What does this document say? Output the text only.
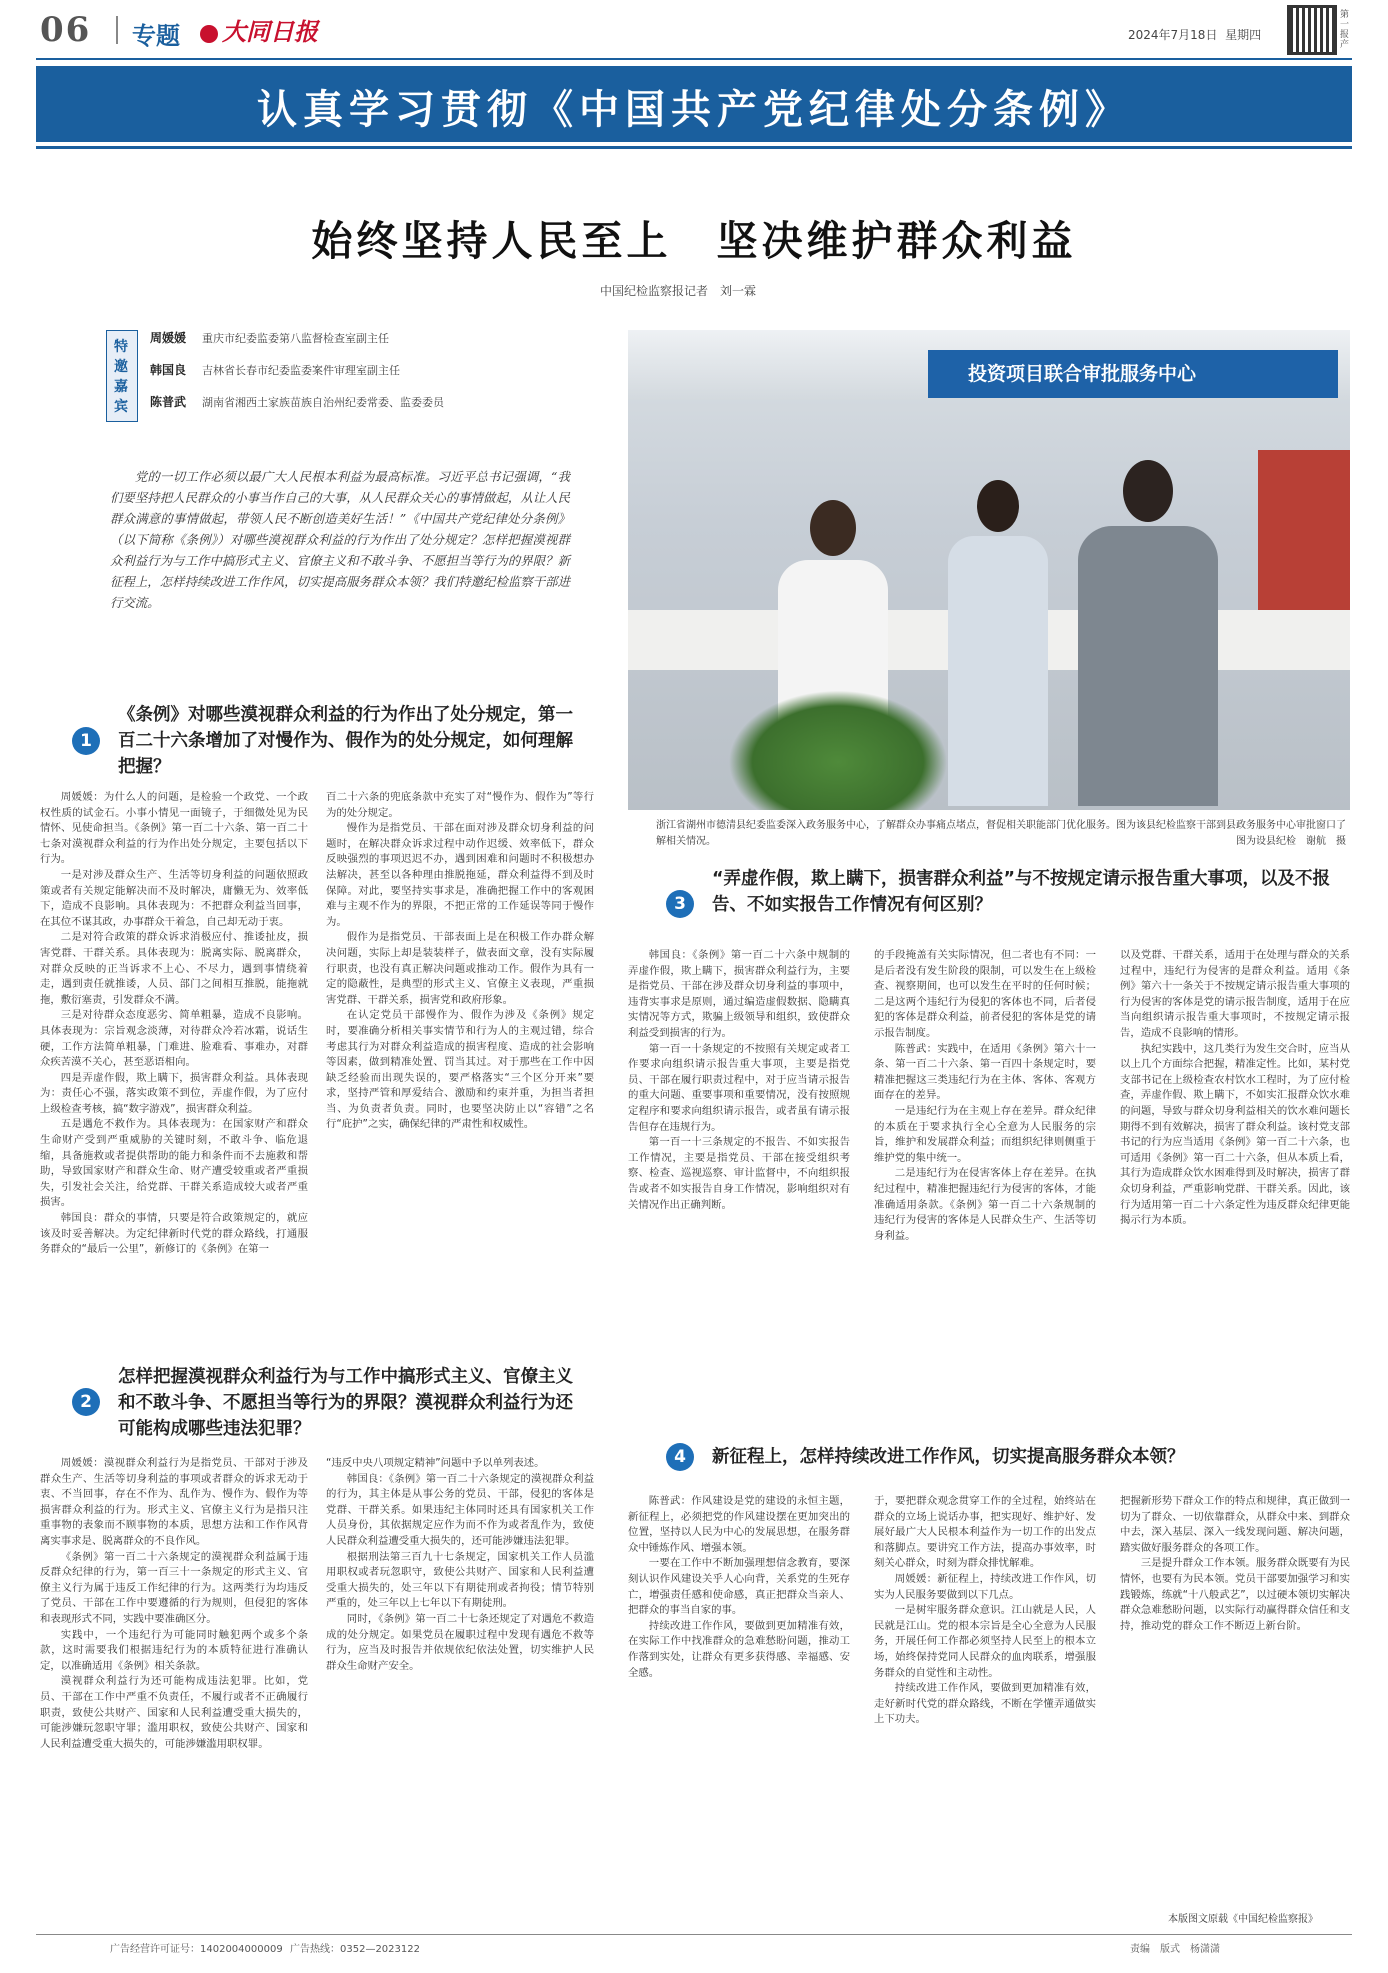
06 专题	大同日报	2024年7月18日 星期四
第一报产
认真学习贯彻《中国共产党纪律处分条例》
始终坚持人民至上　坚决维护群众利益
中国纪检监察报记者　刘一霖
特邀嘉宾
周媛媛 重庆市纪委监委第八监督检查室副主任
韩国良 吉林省长春市纪委监委案件审理室副主任
陈普武 湖南省湘西土家族苗族自治州纪委常委、监委委员
党的一切工作必须以最广大人民根本利益为最高标准。习近平总书记强调，“我们要坚持把人民群众的小事当作自己的大事，从人民群众关心的事情做起，从让人民群众满意的事情做起，带领人民不断创造美好生活！”《中国共产党纪律处分条例》（以下简称《条例》）对哪些漠视群众利益的行为作出了处分规定？怎样把握漠视群众利益行为与工作中搞形式主义、官僚主义和不敢斗争、不愿担当等行为的界限？新征程上，怎样持续改进工作作风，切实提高服务群众本领？我们特邀纪检监察干部进行交流。
投资项目联合审批服务中心
浙江省湖州市德清县纪委监委深入政务服务中心，了解群众办事痛点堵点，督促相关职能部门优化服务。图为该县纪检监察干部到县政务服务中心审批窗口了解相关情况。	图为设县纪检　谢航　摄
1
《条例》对哪些漠视群众利益的行为作出了处分规定，第一百二十六条增加了对慢作为、假作为的处分规定，如何理解把握？

周媛媛：为什么人的问题，是检验一个政党、一个政权性质的试金石。小事小情见一面镜子，于细微处见为民情怀、见使命担当。《条例》第一百二十六条、第一百二十七条对漠视群众利益的行为作出处分规定，主要包括以下行为。

一是对涉及群众生产、生活等切身利益的问题依照政策或者有关规定能解决而不及时解决，庸懒无为、效率低下，造成不良影响。具体表现为：不把群众利益当回事，在其位不谋其政，办事群众干着急，自己却无动于衷。

二是对符合政策的群众诉求消极应付、推诿扯皮，损害党群、干群关系。具体表现为：脱离实际、脱离群众，对群众反映的正当诉求不上心、不尽力，遇到事情绕着走，遇到责任就推诿，人员、部门之间相互推脱，能拖就拖，敷衍塞责，引发群众不满。

三是对待群众态度恶劣、简单粗暴，造成不良影响。具体表现为：宗旨观念淡薄，对待群众冷若冰霜，说话生硬，工作方法简单粗暴，门难进、脸难看、事难办，对群众疾苦漠不关心，甚至恶语相向。

四是弄虚作假，欺上瞒下，损害群众利益。具体表现为：责任心不强，落实政策不到位，弄虚作假，为了应付上级检查考核，搞“数字游戏”，损害群众利益。

五是遇危不救作为。具体表现为：在国家财产和群众生命财产受到严重威胁的关键时刻，不敢斗争、临危退缩，具备施救或者提供帮助的能力和条件而不去施救和帮助，导致国家财产和群众生命、财产遭受较重或者严重损失，引发社会关注，给党群、干群关系造成较大或者严重损害。

韩国良：群众的事情，只要是符合政策规定的，就应该及时妥善解决。为定纪律新时代党的群众路线，打通服务群众的“最后一公里”，新修订的《条例》在第一

百二十六条的兜底条款中充实了对“慢作为、假作为”等行为的处分规定。

慢作为是指党员、干部在面对涉及群众切身利益的问题时，在解决群众诉求过程中动作迟缓、效率低下，群众反映强烈的事项迟迟不办，遇到困难和问题时不积极想办法解决，甚至以各种理由推脱拖延，群众利益得不到及时保障。对此，要坚持实事求是，准确把握工作中的客观困难与主观不作为的界限，不把正常的工作延误等同于慢作为。

假作为是指党员、干部表面上是在积极工作办群众解决问题，实际上却是装装样子，做表面文章，没有实际履行职责，也没有真正解决问题或推动工作。假作为具有一定的隐蔽性，是典型的形式主义、官僚主义表现，严重损害党群、干群关系，损害党和政府形象。

在认定党员干部慢作为、假作为涉及《条例》规定时，要准确分析相关事实情节和行为人的主观过错，综合考虑其行为对群众利益造成的损害程度、造成的社会影响等因素，做到精准处置、罚当其过。对于那些在工作中因缺乏经验而出现失误的，要严格落实“三个区分开来”要求，坚持严管和厚爱结合、激励和约束并重，为担当者担当、为负责者负责。同时，也要坚决防止以“容错”之名行“庇护”之实，确保纪律的严肃性和权威性。

2
怎样把握漠视群众利益行为与工作中搞形式主义、官僚主义和不敢斗争、不愿担当等行为的界限？漠视群众利益行为还可能构成哪些违法犯罪？

周媛媛：漠视群众利益行为是指党员、干部对于涉及群众生产、生活等切身利益的事项或者群众的诉求无动于衷、不当回事，存在不作为、乱作为、慢作为、假作为等损害群众利益的行为。形式主义、官僚主义行为是指只注重事物的表象而不顾事物的本质，思想方法和工作作风背离实事求是、脱离群众的不良作风。

《条例》第一百二十六条规定的漠视群众利益属于违反群众纪律的行为，第一百三十一条规定的形式主义、官僚主义行为属于违反工作纪律的行为。这两类行为均违反了党员、干部在工作中要遵循的行为规则，但侵犯的客体和表现形式不同，实践中要准确区分。

实践中，一个违纪行为可能同时触犯两个或多个条款，这时需要我们根据违纪行为的本质特征进行准确认定，以准确适用《条例》相关条款。

漠视群众利益行为还可能构成违法犯罪。比如，党员、干部在工作中严重不负责任，不履行或者不正确履行职责，致使公共财产、国家和人民利益遭受重大损失的，可能涉嫌玩忽职守罪；滥用职权，致使公共财产、国家和人民利益遭受重大损失的，可能涉嫌滥用职权罪。

“违反中央八项规定精神”问题中予以单列表述。

韩国良：《条例》第一百二十六条规定的漠视群众利益的行为，其主体是从事公务的党员、干部，侵犯的客体是党群、干群关系。如果违纪主体同时还具有国家机关工作人员身份，其依据规定应作为而不作为或者乱作为，致使人民群众利益遭受重大损失的，还可能涉嫌违法犯罪。

根据刑法第三百九十七条规定，国家机关工作人员滥用职权或者玩忽职守，致使公共财产、国家和人民利益遭受重大损失的，处三年以下有期徒刑或者拘役；情节特别严重的，处三年以上七年以下有期徒刑。

同时，《条例》第一百二十七条还规定了对遇危不救造成的处分规定。如果党员在履职过程中发现有遇危不救等行为，应当及时报告并依规依纪依法处置，切实维护人民群众生命财产安全。

3
“弄虚作假，欺上瞒下，损害群众利益”与不按规定请示报告重大事项，以及不报告、不如实报告工作情况有何区别？

韩国良：《条例》第一百二十六条中规制的弄虚作假，欺上瞒下，损害群众利益行为，主要是指党员、干部在涉及群众切身利益的事项中，违背实事求是原则，通过编造虚假数据、隐瞒真实情况等方式，欺骗上级领导和组织，致使群众利益受到损害的行为。

第一百一十条规定的不按照有关规定或者工作要求向组织请示报告重大事项，主要是指党员、干部在履行职责过程中，对于应当请示报告的重大问题、重要事项和重要情况，没有按照规定程序和要求向组织请示报告，或者虽有请示报告但存在违规行为。

第一百一十三条规定的不报告、不如实报告工作情况，主要是指党员、干部在接受组织考察、检查、巡视巡察、审计监督中，不向组织报告或者不如实报告自身工作情况，影响组织对有关情况作出正确判断。

的手段掩盖有关实际情况，但二者也有不同：一是后者没有发生阶段的限制，可以发生在上级检查、视察期间，也可以发生在平时的任何时候；二是这两个违纪行为侵犯的客体也不同，后者侵犯的客体是群众利益，前者侵犯的客体是党的请示报告制度。

陈普武：实践中，在适用《条例》第六十一条、第一百二十六条、第一百四十条规定时，要精准把握这三类违纪行为在主体、客体、客观方面存在的差异。

一是违纪行为在主观上存在差异。群众纪律的本质在于要求执行全心全意为人民服务的宗旨，维护和发展群众利益；而组织纪律则侧重于维护党的集中统一。

二是违纪行为在侵害客体上存在差异。在执纪过程中，精准把握违纪行为侵害的客体，才能准确适用条款。《条例》第一百二十六条规制的违纪行为侵害的客体是人民群众生产、生活等切身利益。

以及党群、干群关系，适用于在处理与群众的关系过程中，违纪行为侵害的是群众利益。适用《条例》第六十一条关于不按规定请示报告重大事项的行为侵害的客体是党的请示报告制度，适用于在应当向组织请示报告重大事项时，不按规定请示报告，造成不良影响的情形。

执纪实践中，这几类行为发生交合时，应当从以上几个方面综合把握，精准定性。比如，某村党支部书记在上级检查农村饮水工程时，为了应付检查，弄虚作假、欺上瞒下，不如实汇报群众饮水难的问题，导致与群众切身利益相关的饮水难问题长期得不到有效解决，损害了群众利益。该村党支部书记的行为应当适用《条例》第一百二十六条，也可适用《条例》第一百二十六条，但从本质上看，其行为造成群众饮水困难得到及时解决，损害了群众切身利益，严重影响党群、干群关系。因此，该行为适用第一百二十六条定性为违反群众纪律更能揭示行为本质。

4	新征程上，怎样持续改进工作作风，切实提高服务群众本领？

陈普武：作风建设是党的建设的永恒主题，新征程上，必须把党的作风建设摆在更加突出的位置，坚持以人民为中心的发展思想，在服务群众中锤炼作风、增强本领。

一要在工作中不断加强理想信念教育，要深刻认识作风建设关乎人心向背，关系党的生死存亡，增强责任感和使命感，真正把群众当亲人、把群众的事当自家的事。

持续改进工作作风，要做到更加精准有效，在实际工作中找准群众的急难愁盼问题，推动工作落到实处，让群众有更多获得感、幸福感、安全感。

于，要把群众观念贯穿工作的全过程，始终站在群众的立场上说话办事，把实现好、维护好、发展好最广大人民根本利益作为一切工作的出发点和落脚点。要讲究工作方法，提高办事效率，时刻关心群众，时刻为群众排忧解难。

周媛媛：新征程上，持续改进工作作风，切实为人民服务要做到以下几点。

一是树牢服务群众意识。江山就是人民，人民就是江山。党的根本宗旨是全心全意为人民服务，开展任何工作都必须坚持人民至上的根本立场，始终保持党同人民群众的血肉联系，增强服务群众的自觉性和主动性。

持续改进工作作风，要做到更加精准有效，走好新时代党的群众路线，不断在学懂弄通做实上下功夫。

把握新形势下群众工作的特点和规律，真正做到一切为了群众、一切依靠群众，从群众中来、到群众中去，深入基层、深入一线发现问题、解决问题，踏实做好服务群众的各项工作。

三是提升群众工作本领。服务群众既要有为民情怀，也要有为民本领。党员干部要加强学习和实践锻炼，练就“十八般武艺”，以过硬本领切实解决群众急难愁盼问题，以实际行动赢得群众信任和支持，推动党的群众工作不断迈上新台阶。

本版图文原载《中国纪检监察报》
广告经营许可证号：1402004000009 广告热线：0352—2023122	责编　版式　杨潇潇
